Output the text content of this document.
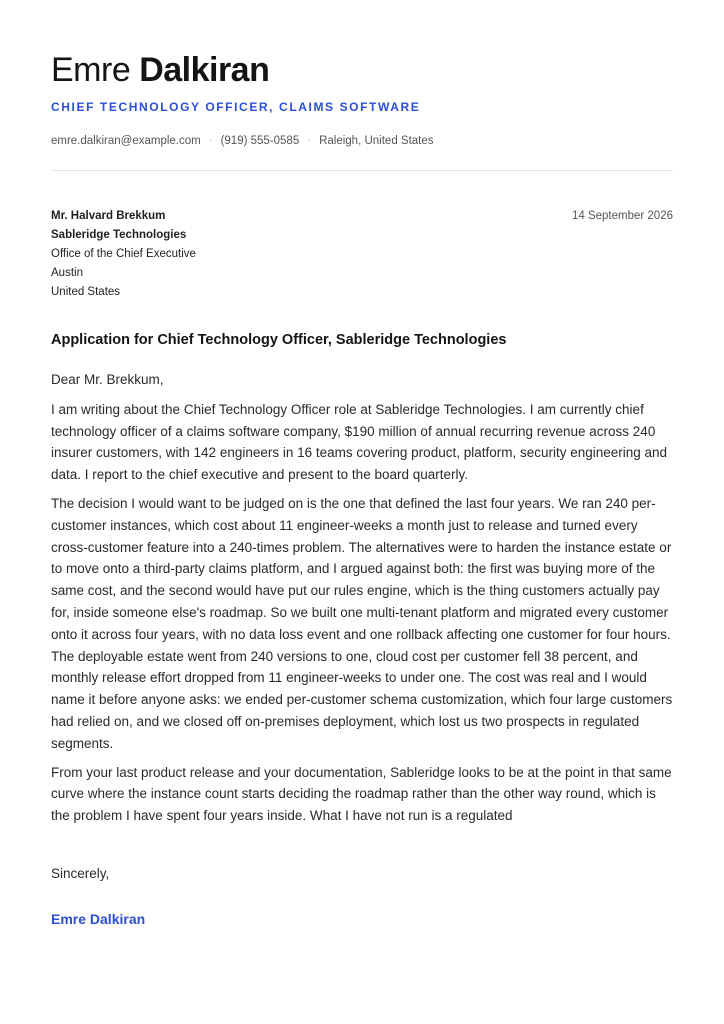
Emre Dalkiran
CHIEF TECHNOLOGY OFFICER, CLAIMS SOFTWARE
emre.dalkiran@example.com · (919) 555-0585 · Raleigh, United States
Mr. Halvard Brekkum
Sableridge Technologies
Office of the Chief Executive
Austin
United States
14 September 2026
Application for Chief Technology Officer, Sableridge Technologies

Dear Mr. Brekkum,

I am writing about the Chief Technology Officer role at Sableridge Technologies. I am currently chief technology officer of a claims software company, $190 million of annual recurring revenue across 240 insurer customers, with 142 engineers in 16 teams covering product, platform, security engineering and data. I report to the chief executive and present to the board quarterly.

The decision I would want to be judged on is the one that defined the last four years. We ran 240 per-customer instances, which cost about 11 engineer-weeks a month just to release and turned every cross-customer feature into a 240-times problem. The alternatives were to harden the instance estate or to move onto a third-party claims platform, and I argued against both: the first was buying more of the same cost, and the second would have put our rules engine, which is the thing customers actually pay for, inside someone else's roadmap. So we built one multi-tenant platform and migrated every customer onto it across four years, with no data loss event and one rollback affecting one customer for four hours. The deployable estate went from 240 versions to one, cloud cost per customer fell 38 percent, and monthly release effort dropped from 11 engineer-weeks to under one. The cost was real and I would name it before anyone asks: we ended per-customer schema customization, which four large customers had relied on, and we closed off on-premises deployment, which lost us two prospects in regulated segments.

From your last product release and your documentation, Sableridge looks to be at the point in that same curve where the instance count starts deciding the roadmap rather than the other way round, which is the problem I have spent four years inside. What I have not run is a regulated

Sincerely,
Emre Dalkiran
